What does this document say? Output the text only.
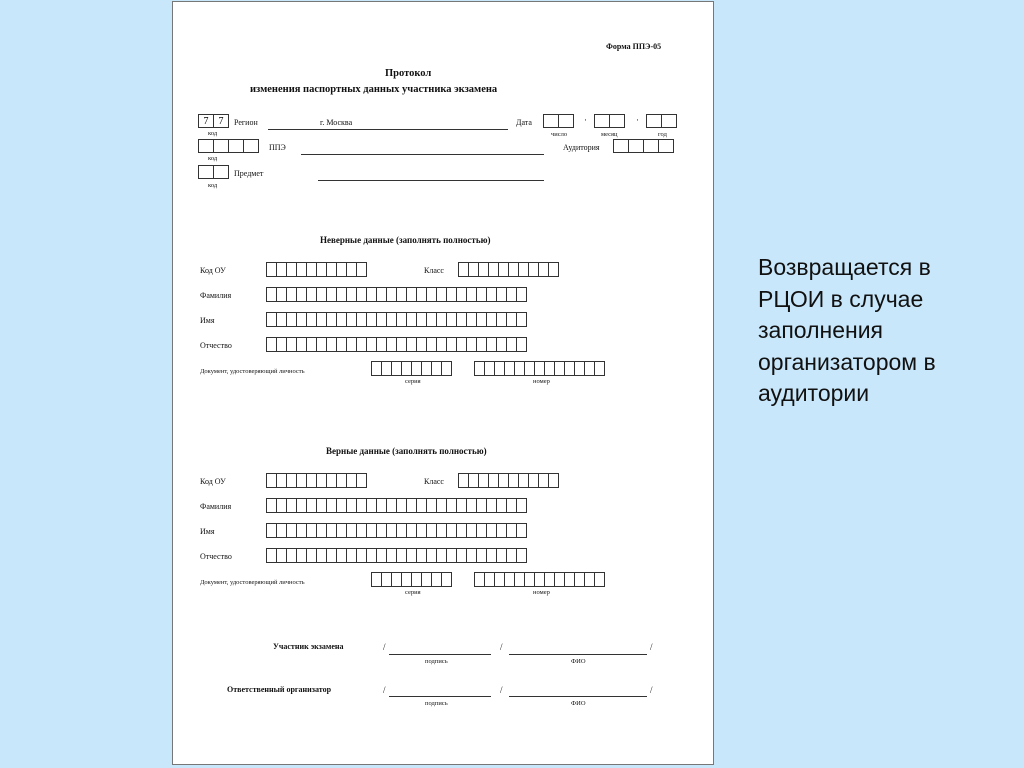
Форма ППЭ-05
Протокол
изменения паспортных данных участника экзамена
7	7
код
Регион	г. Москва	Дата	·	·
число	месяц	год
код
ППЭ	Аудитория
код
Предмет
Неверные данные (заполнять полностью)
Код ОУ	Класс
Фамилия
Имя
Отчество
Документ, удостоверяющий личность
серия	номер
Верные данные (заполнять полностью)
Код ОУ	Класс
Фамилия
Имя
Отчество
Документ, удостоверяющий личность
серия	номер
Участник экзамена	/	/	/
подпись	ФИО
Ответственный организатор	/	/	/
подпись	ФИО
Возвращается в РЦОИ в случае заполнения организатором в аудитории
